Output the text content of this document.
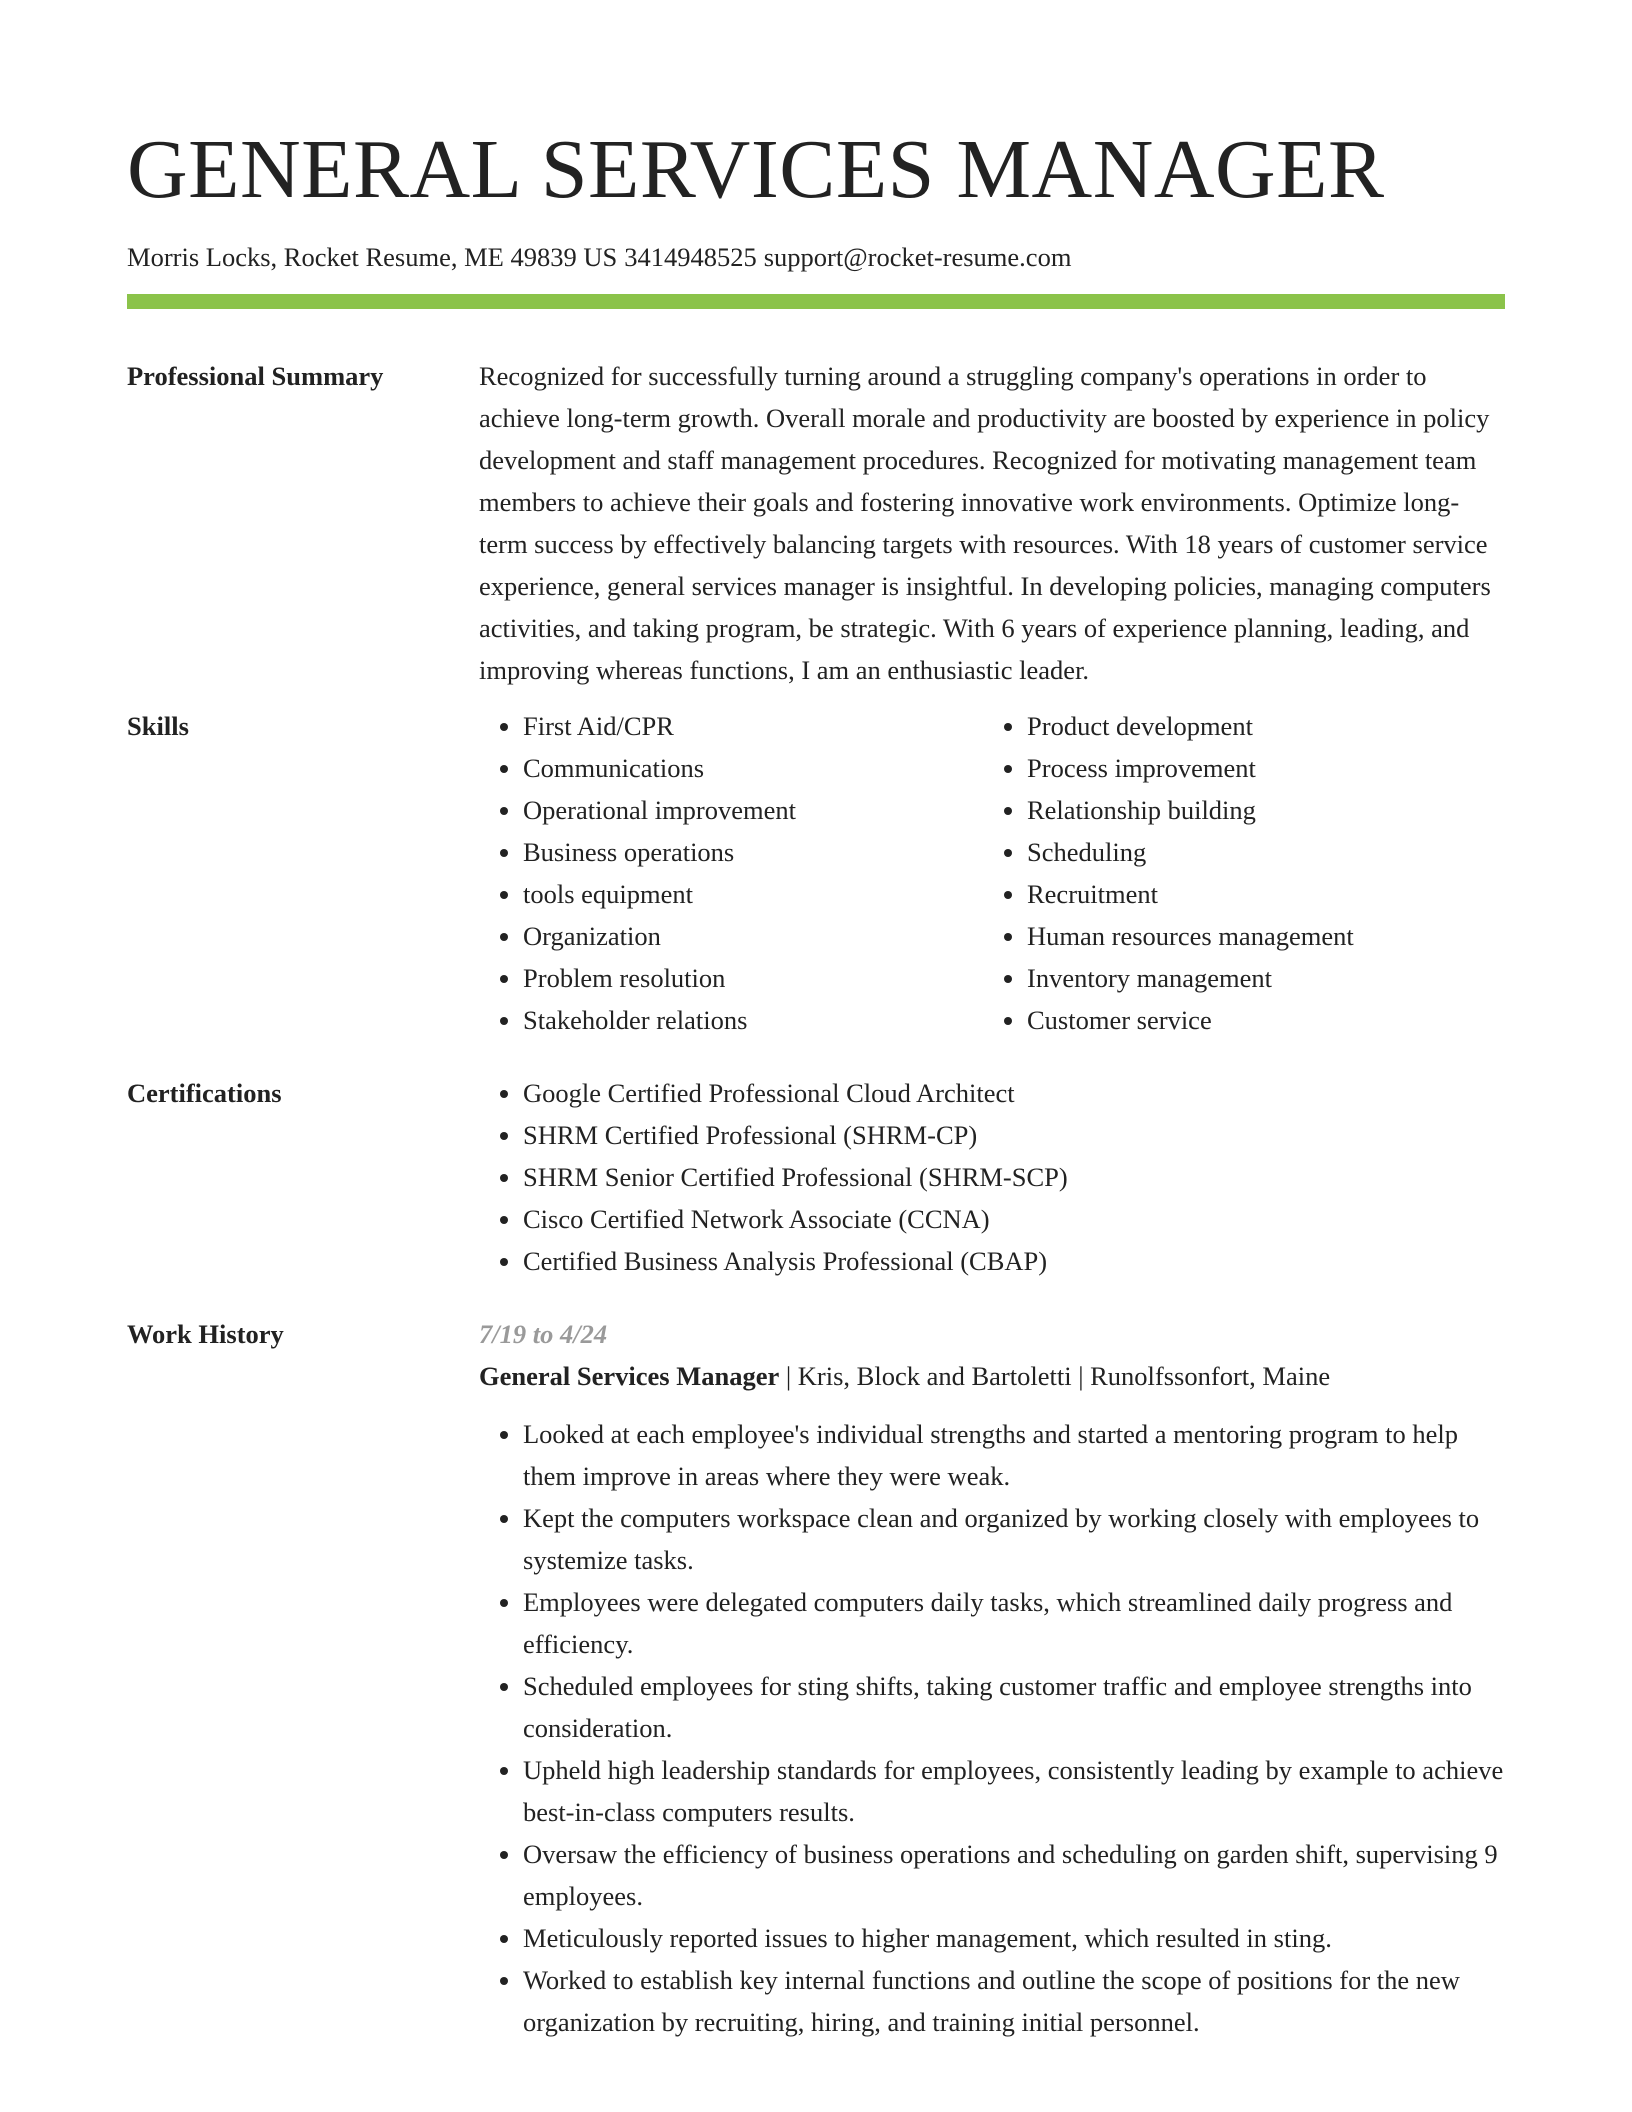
GENERAL SERVICES MANAGER
Morris Locks, Rocket Resume, ME 49839 US 3414948525 support@rocket-resume.com
Professional Summary	Recognized for successfully turning around a struggling company's operations in order to achieve long-term growth. Overall morale and productivity are boosted by experience in policy development and staff management procedures. Recognized for motivating management team members to achieve their goals and fostering innovative work environments. Optimize long-term success by effectively balancing targets with resources. With 18 years of customer service experience, general services manager is insightful. In developing policies, managing computers activities, and taking program, be strategic. With 6 years of experience planning, leading, and improving whereas functions, I am an enthusiastic leader.

Skills	• First Aid/CPR
• Communications
• Operational improvement
• Business operations
• tools equipment
• Organization
• Problem resolution
• Stakeholder relations
• Product development
• Process improvement
• Relationship building
• Scheduling
• Recruitment
• Human resources management
• Inventory management
• Customer service
Certifications	• Google Certified Professional Cloud Architect
• SHRM Certified Professional (SHRM-CP)
• SHRM Senior Certified Professional (SHRM-SCP)
• Cisco Certified Network Associate (CCNA)
• Certified Business Analysis Professional (CBAP)
Work History	7/19 to 4/24
General Services Manager | Kris, Block and Bartoletti | Runolfssonfort, Maine
• Looked at each employee's individual strengths and started a mentoring program to help them improve in areas where they were weak.
• Kept the computers workspace clean and organized by working closely with employees to systemize tasks.
• Employees were delegated computers daily tasks, which streamlined daily progress and efficiency.
• Scheduled employees for sting shifts, taking customer traffic and employee strengths into consideration.
• Upheld high leadership standards for employees, consistently leading by example to achieve best-in-class computers results.
• Oversaw the efficiency of business operations and scheduling on garden shift, supervising 9 employees.
• Meticulously reported issues to higher management, which resulted in sting.
• Worked to establish key internal functions and outline the scope of positions for the new organization by recruiting, hiring, and training initial personnel.
